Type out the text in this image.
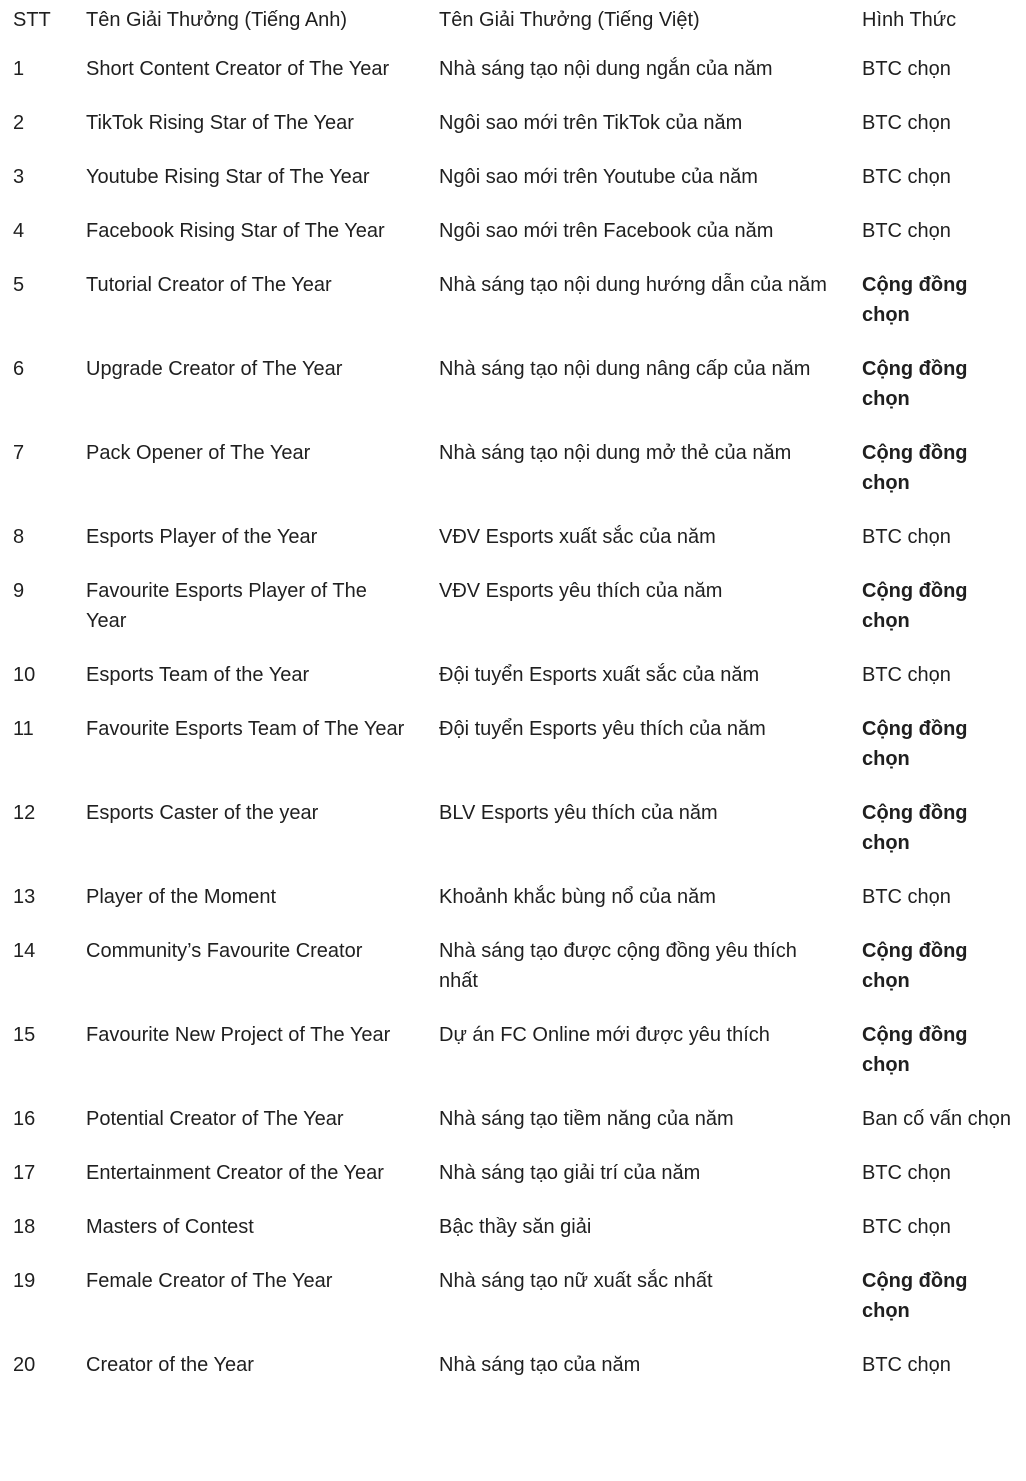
STT	Tên Giải Thưởng (Tiếng Anh)	Tên Giải Thưởng (Tiếng Việt)	Hình Thức
1	Short Content Creator of The Year	Nhà sáng tạo nội dung ngắn của năm	BTC chọn
2	TikTok Rising Star of The Year	Ngôi sao mới trên TikTok của năm	BTC chọn
3	Youtube Rising Star of The Year	Ngôi sao mới trên Youtube của năm	BTC chọn
4	Facebook Rising Star of The Year	Ngôi sao mới trên Facebook của năm	BTC chọn
5	Tutorial Creator of The Year	Nhà sáng tạo nội dung hướng dẫn của năm	Cộng đồng chọn
6	Upgrade Creator of The Year	Nhà sáng tạo nội dung nâng cấp của năm	Cộng đồng chọn
7	Pack Opener of The Year	Nhà sáng tạo nội dung mở thẻ của năm	Cộng đồng chọn
8	Esports Player of the Year	VĐV Esports xuất sắc của năm	BTC chọn
9	Favourite Esports Player of The Year	VĐV Esports yêu thích của năm	Cộng đồng chọn
10	Esports Team of the Year	Đội tuyển Esports xuất sắc của năm	BTC chọn
11	Favourite Esports Team of The Year	Đội tuyển Esports yêu thích của năm	Cộng đồng chọn
12	Esports Caster of the year	BLV Esports yêu thích của năm	Cộng đồng chọn
13	Player of the Moment	Khoảnh khắc bùng nổ của năm	BTC chọn
14	Community’s Favourite Creator	Nhà sáng tạo được cộng đồng yêu thích nhất	Cộng đồng chọn
15	Favourite New Project of The Year	Dự án FC Online mới được yêu thích	Cộng đồng chọn
16	Potential Creator of The Year	Nhà sáng tạo tiềm năng của năm	Ban cố vấn chọn
17	Entertainment Creator of the Year	Nhà sáng tạo giải trí của năm	BTC chọn
18	Masters of Contest	Bậc thầy săn giải	BTC chọn
19	Female Creator of The Year	Nhà sáng tạo nữ xuất sắc nhất	Cộng đồng chọn
20	Creator of the Year	Nhà sáng tạo của năm	BTC chọn
